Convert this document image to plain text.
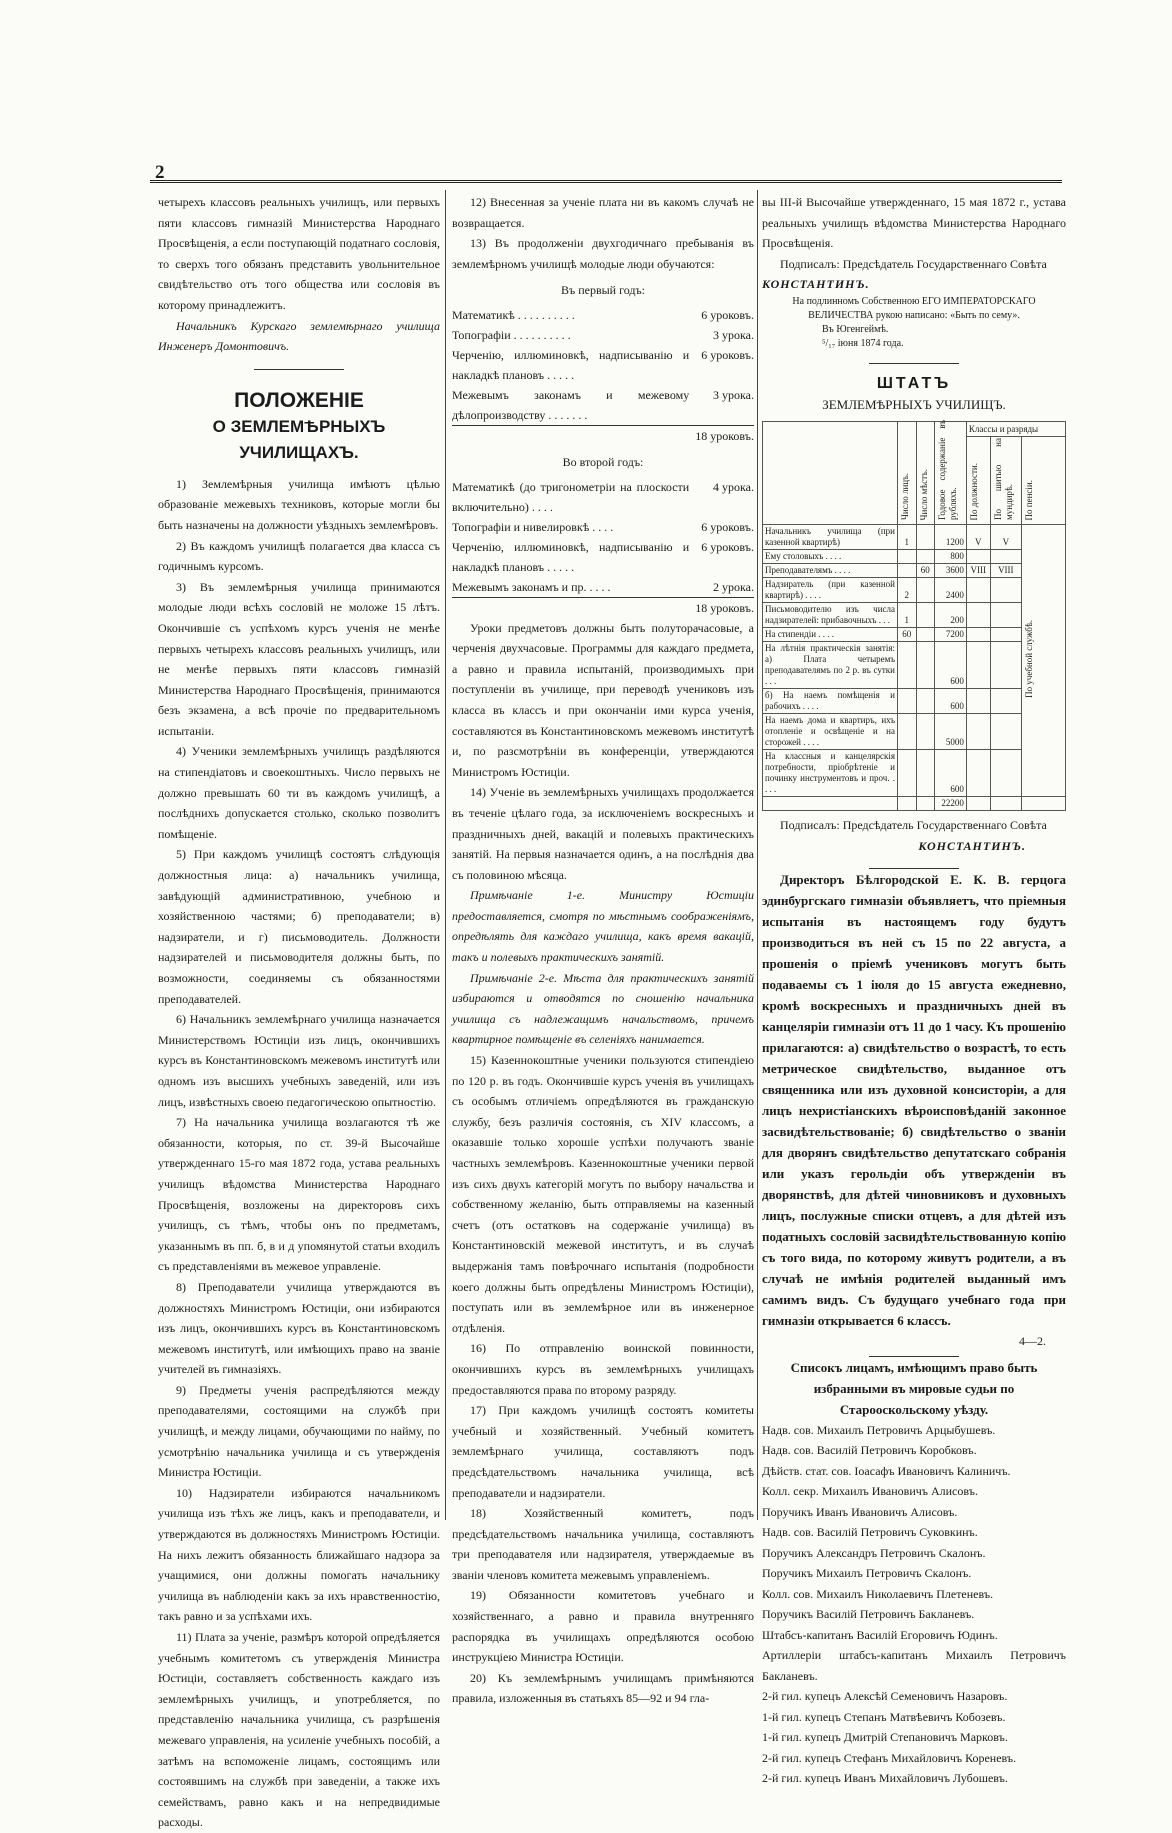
2

четырехъ классовъ реальныхъ училищъ, или первыхъ пяти классовъ гимназiй Министерства Народнаго Просвѣщенiя, а если поступающiй податнаго сословiя, то сверхъ того обязанъ представить увольнительное свидѣтельство отъ того общества или сословiя въ которому принадлежитъ.

Начальникъ Курскаго землемѣрнаго училища Инженеръ Домонтовичъ.

ПОЛОЖЕНIЕ
О ЗЕМЛЕМѢРНЫХЪ УЧИЛИЩАХЪ.

1) Землемѣрныя училища имѣютъ цѣлью образованiе межевыхъ техниковъ, которые могли бы быть назначены на должности уѣздныхъ землемѣровъ.

2) Въ каждомъ училищѣ полагается два класса съ годичнымъ курсомъ.

3) Въ землемѣрныя училища принимаются молодые люди всѣхъ сословiй не моложе 15 лѣтъ. Окончившiе съ успѣхомъ курсъ ученiя не менѣе первыхъ четырехъ классовъ реальныхъ училищъ, или не менѣе первыхъ пяти классовъ гимназiй Министерства Народнаго Просвѣщенiя, принимаются безъ экзамена, а всѣ прочiе по предварительномъ испытанiи.

4) Ученики землемѣрныхъ училищъ раздѣляются на стипендiатовъ и своекоштныхъ. Число первыхъ не должно превышать 60 ти въ каждомъ училищѣ, а послѣднихъ допускается столько, сколько позволитъ помѣщенiе.

5) При каждомъ училищѣ состоятъ слѣдующiя должностныя лица: а) начальникъ училища, завѣдующiй административною, учебною и хозяйственною частями; б) преподаватели; в) надзиратели, и г) письмоводитель. Должности надзирателей и письмоводителя должны быть, по возможности, соединяемы съ обязанностями преподавателей.

6) Начальникъ землемѣрнаго училища назначается Министерствомъ Юстицiи изъ лицъ, окончившихъ курсъ въ Константиновскомъ межевомъ институтѣ или одномъ изъ высшихъ учебныхъ заведенiй, или изъ лицъ, извѣстныхъ своею педагогическою опытностiю.

7) На начальника училища возлагаются тѣ же обязанности, которыя, по ст. 39-й Высочайше утвержденнаго 15-го мая 1872 года, устава реальныхъ училищъ вѣдомства Министерства Народнаго Просвѣщенiя, возложены на директоровъ сихъ училищъ, съ тѣмъ, чтобы онъ по предметамъ, указаннымъ въ пп. б, в и д упомянутой статьи входилъ съ представленiями въ межевое управленiе.

8) Преподаватели училища утверждаются въ должностяхъ Министромъ Юстицiи, они избираются изъ лицъ, окончившихъ курсъ въ Константиновскомъ межевомъ институтѣ, или имѣющихъ право на званiе учителей въ гимназiяхъ.

9) Предметы ученiя распредѣляются между преподавателями, состоящими на службѣ при училищѣ, и между лицами, обучающими по найму, по усмотрѣнiю начальника училища и съ утвержденiя Министра Юстицiи.

10) Надзиратели избираются начальникомъ училища изъ тѣхъ же лицъ, какъ и преподаватели, и утверждаются въ должностяхъ Министромъ Юстицiи. На нихъ лежитъ обязанность ближайшаго надзора за учащимися, они должны помогать начальнику училища въ наблюденiи какъ за ихъ нравственностiю, такъ равно и за успѣхами ихъ.

11) Плата за ученiе, размѣръ которой опредѣляется учебнымъ комитетомъ съ утвержденiя Министра Юстицiи, составляетъ собственность каждаго изъ землемѣрныхъ училищъ, и употребляется, по представленiю начальника училища, съ разрѣшенiя межеваго управленiя, на усиленiе учебныхъ пособiй, а затѣмъ на вспоможенiе лицамъ, состоящимъ или состоявшимъ на службѣ при заведенiи, а также ихъ семействамъ, равно какъ и на непредвидимые расходы.

12) Внесенная за ученiе плата ни въ какомъ случаѣ не возвращается.

13) Въ продолженiи двухгодичнаго пребыванiя въ землемѣрномъ училищѣ молодые люди обучаются:

Въ первый годъ:
Математикѣ . . . . . . . . . .	6 уроковъ.
Топографiи . . . . . . . . . .	3 урока.
Черченiю, иллюминовкѣ, надписыванiю и накладкѣ плановъ . . . . .	6 уроковъ.
Межевымъ законамъ и межевому дѣлопроизводству . . . . . . .	3 урока.
	18 уроковъ.
Во второй годъ:
Математикѣ (до тригонометрiи на плоскости включительно) . . . .	4 урока.
Топографiи и нивелировкѣ . . . .	6 уроковъ.
Черченiю, иллюминовкѣ, надписыванiю и накладкѣ плановъ . . . . .	6 уроковъ.
Межевымъ законамъ и пр. . . . .	2 урока.
	18 уроковъ.

Уроки предметовъ должны быть полуторачасовые, а черченiя двухчасовые. Программы для каждаго предмета, а равно и правила испытанiй, производимыхъ при поступленiи въ училище, при переводѣ учениковъ изъ класса въ классъ и при окончанiи ими курса ученiя, составляются въ Константиновскомъ межевомъ институтѣ и, по разсмотрѣнiи въ конференцiи, утверждаются Министромъ Юстицiи.

14) Ученiе въ землемѣрныхъ училищахъ продолжается въ теченiе цѣлаго года, за исключенiемъ воскресныхъ и праздничныхъ дней, вакацiй и полевыхъ практическихъ занятiй. На первыя назначается одинъ, а на послѣднiя два съ половиною мѣсяца.

Примѣчанiе 1-е. Министру Юстицiи предоставляется, смотря по мѣстнымъ соображенiямъ, опредѣлять для каждаго училища, какъ время вакацiй, такъ и полевыхъ практическихъ занятiй.

Примѣчанiе 2-е. Мѣста для практическихъ занятiй избираются и отводятся по сношенiю начальника училища съ надлежащимъ начальствомъ, причемъ квартирное помѣщенiе въ селенiяхъ нанимается.

15) Казеннокоштные ученики пользуются стипендiею по 120 р. въ годъ. Окончившiе курсъ ученiя въ училищахъ съ особымъ отличiемъ опредѣляются въ гражданскую службу, безъ различiя состоянiя, съ XIV классомъ, а оказавшiе только хорошiе успѣхи получаютъ званiе частныхъ землемѣровъ. Казеннокоштные ученики первой изъ сихъ двухъ категорiй могутъ по выбору начальства и собственному желанiю, быть отправляемы на казенный счетъ (отъ остатковъ на содержанiе училища) въ Константиновскiй межевой институтъ, и въ случаѣ выдержанiя тамъ повѣрочнаго испытанiя (подробности коего должны быть опредѣлены Министромъ Юстицiи), поступать или въ землемѣрное или въ инженерное отдѣленiя.

16) По отправленiю воинской повинности, окончившихъ курсъ въ землемѣрныхъ училищахъ предоставляются права по второму разряду.

17) При каждомъ училищѣ состоятъ комитеты учебный и хозяйственный. Учебный комитетъ землемѣрнаго училища, составляютъ подъ предсѣдательствомъ начальника училища, всѣ преподаватели и надзиратели.

18) Хозяйственный комитетъ, подъ предсѣдательствомъ начальника училища, составляютъ три преподавателя или надзирателя, утверждаемые въ званiи членовъ комитета межевымъ управленiемъ.

19) Обязанности комитетовъ учебнаго и хозяйственнаго, а равно и правила внутренняго распорядка въ училищахъ опредѣляются особою инструкцiею Министра Юстицiи.

20) Къ землемѣрнымъ училищамъ примѣняются правила, изложенныя въ статьяхъ 85—92 и 94 гла-

вы III-й Высочайше утвержденнаго, 15 мая 1872 г., устава реальныхъ училищъ вѣдомства Министерства Народнаго Просвѣщенiя.

Подписалъ: Предсѣдатель Государственнаго Совѣта

КОНСТАНТИНЪ.

На подлинномъ Собственною ЕГО ИМПЕРАТОРСКАГО ВЕЛИЧЕСТВА рукою написано: «Быть по сему».
Въ Югенгеймѣ.
⁵/₁₇ iюня 1874 года.
ШТАТЪ
ЗЕМЛЕМѢРНЫХЪ УЧИЛИЩЪ.
	Число лицъ.	Число мѣстъ.	Годовое содержанiе въ рубляхъ.	Классы и разряды		
				По должности.	По шитью на мундирѣ.	По пенсiи.
Начальникъ училища (при казенной квартирѣ)	1		1200	V	V	По учебной службѣ.
Ему столовыхъ . . . .			800			
Преподавателямъ . . . .		60	3600	VIII	VIII	
Надзиратель (при казенной квартирѣ) . . . .	2		2400			
Письмоводителю изъ числа надзирателей: прибавочныхъ . . .	1		200			
На стипендiи . . . .	60		7200			
На лѣтнiя практическiя занятiя: а) Плата четыремъ преподавателямъ по 2 р. въ сутки . . .			600			
б) На наемъ помѣщенiя и рабочихъ . . . .			600			
На наемъ дома и квартиръ, ихъ отопленiе и освѣщенiе и на сторожей . . . .			5000			
На классныя и канцелярскiя потребности, прiобрѣтенiе и починку инструментовъ и проч. . . . .			600			
			22200			

Подписалъ: Предсѣдатель Государственнаго Совѣта

КОНСТАНТИНЪ.

Директоръ Бѣлгородской Е. К. В. герцога эдинбургскаго гимназiи объявляетъ, что прiемныя испытанiя въ настоящемъ году будутъ производиться въ ней съ 15 по 22 августа, а прошенiя о прiемѣ учениковъ могутъ быть подаваемы съ 1 iюля до 15 августа ежедневно, кромѣ воскресныхъ и праздничныхъ дней въ канцелярiи гимназiи отъ 11 до 1 часу. Къ прошенiю прилагаются: а) свидѣтельство о возрастѣ, то есть метрическое свидѣтельство, выданное отъ священника или изъ духовной консисторiи, а для лицъ нехристiанскихъ вѣроисповѣданiй законное засвидѣтельствованiе; б) свидѣтельство о званiи для дворянъ свидѣтельство депутатскаго собранiя или указъ герольдiи объ утвержденiи въ дворянствѣ, для дѣтей чиновниковъ и духовныхъ лицъ, послужные списки отцевъ, а для дѣтей изъ податныхъ сословiй засвидѣтельствованную копiю съ того вида, по которому живутъ родители, а въ случаѣ не имѣнiя родителей выданный имъ самимъ видъ. Съ будущаго учебнаго года при гимназiи открывается 6 классъ.

4—2.
Списокъ лицамъ, имѣющимъ право быть избранными въ мировые судьи по Старооскольскому уѣзду.

Надв. сов. Михаилъ Петровичъ Арцыбушевъ.

Надв. сов. Василiй Петровичъ Коробковъ.

Дѣйств. стат. сов. Iоасафъ Ивановичъ Калиничъ.

Колл. секр. Михаилъ Ивановичъ Алисовъ.

Поручикъ Иванъ Ивановичъ Алисовъ.

Надв. сов. Василiй Петровичъ Суковкинъ.

Поручикъ Александръ Петровичъ Скалонъ.

Поручикъ Михаилъ Петровичъ Скалонъ.

Колл. сов. Михаилъ Николаевичъ Плетеневъ.

Поручикъ Василiй Петровичъ Бакланевъ.

Штабсъ-капитанъ Василiй Егоровичъ Юдинъ.

Артиллерiи штабсъ-капитанъ Михаилъ Петровичъ Бакланевъ.

2-й гил. купецъ Алексѣй Семеновичъ Назаровъ.

1-й гил. купецъ Степанъ Матвѣевичъ Кобозевъ.

1-й гил. купецъ Дмитрiй Степановичъ Марковъ.

2-й гил. купецъ Стефанъ Михайловичъ Кореневъ.

2-й гил. купецъ Иванъ Михайловичъ Лубошевъ.
